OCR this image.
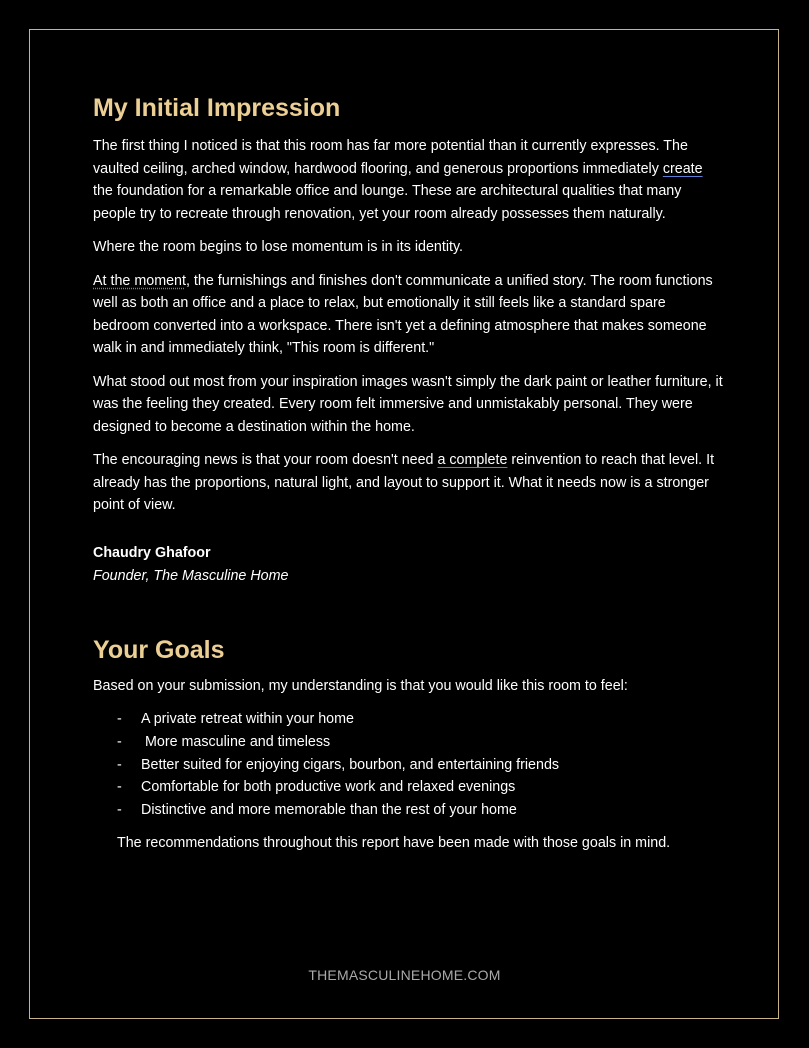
My Initial Impression

The first thing I noticed is that this room has far more potential than it currently expresses. The vaulted ceiling, arched window, hardwood flooring, and generous proportions immediately create the foundation for a remarkable office and lounge. These are architectural qualities that many people try to recreate through renovation, yet your room already possesses them naturally.

Where the room begins to lose momentum is in its identity.

At the moment, the furnishings and finishes don't communicate a unified story. The room functions well as both an office and a place to relax, but emotionally it still feels like a standard spare bedroom converted into a workspace. There isn't yet a defining atmosphere that makes someone walk in and immediately think, "This room is different."

What stood out most from your inspiration images wasn't simply the dark paint or leather furniture, it was the feeling they created. Every room felt immersive and unmistakably personal. They were designed to become a destination within the home.

The encouraging news is that your room doesn't need a complete reinvention to reach that level. It already has the proportions, natural light, and layout to support it. What it needs now is a stronger point of view.

Chaudry Ghafoor
Founder, The Masculine Home
Your Goals

Based on your submission, my understanding is that you would like this room to feel:

- A private retreat within your home
- More masculine and timeless
- Better suited for enjoying cigars, bourbon, and entertaining friends
- Comfortable for both productive work and relaxed evenings
- Distinctive and more memorable than the rest of your home

The recommendations throughout this report have been made with those goals in mind.

THEMASCULINEHOME.COM
